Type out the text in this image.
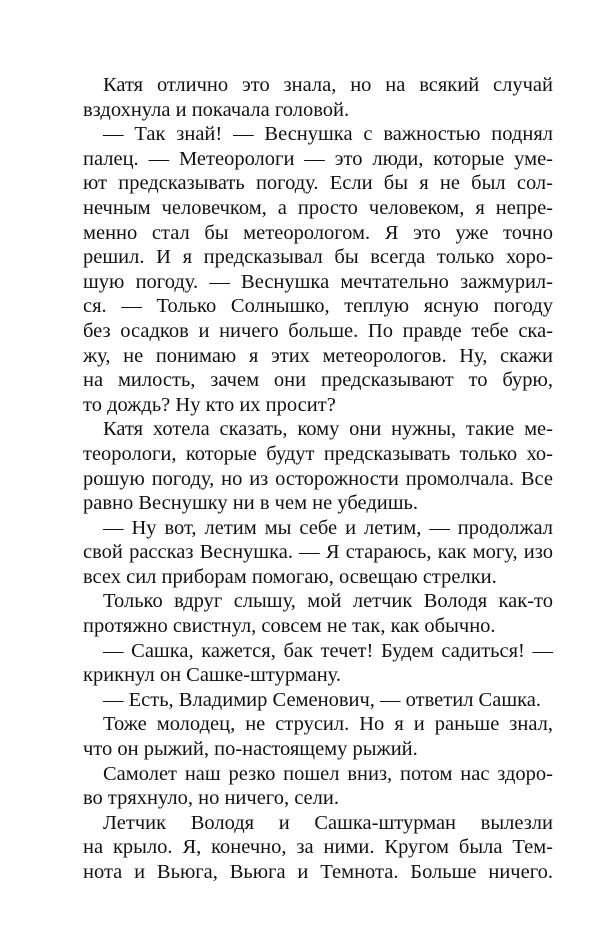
Катя отлично это знала, но на всякий случай
вздохнула и покачала головой.

— Так знай! — Веснушка с важностью поднял
палец. — Метеорологи — это люди, которые уме-
ют предсказывать погоду. Если бы я не был сол-
нечным человечком, а просто человеком, я непре-
менно стал бы метеорологом. Я это уже точно
решил. И я предсказывал бы всегда только хоро-
шую погоду. — Веснушка мечтательно зажмурил-
ся. — Только Солнышко, теплую ясную погоду
без осадков и ничего больше. По правде тебе ска-
жу, не понимаю я этих метеорологов. Ну, скажи
на милость, зачем они предсказывают то бурю,
то дождь? Ну кто их просит?

Катя хотела сказать, кому они нужны, такие ме-
теорологи, которые будут предсказывать только хо-
рошую погоду, но из осторожности промолчала. Все
равно Веснушку ни в чем не убедишь.

— Ну вот, летим мы себе и летим, — продолжал
свой рассказ Веснушка. — Я стараюсь, как могу, изо
всех сил приборам помогаю, освещаю стрелки.

Только вдруг слышу, мой летчик Володя как-то
протяжно свистнул, совсем не так, как обычно.

— Сашка, кажется, бак течет! Будем садиться! —
крикнул он Сашке-штурману.

— Есть, Владимир Семенович, — ответил Сашка.

Тоже молодец, не струсил. Но я и раньше знал,
что он рыжий, по-настоящему рыжий.

Самолет наш резко пошел вниз, потом нас здоро-
во тряхнуло, но ничего, сели.

Летчик Володя и Сашка-штурман вылезли
на крыло. Я, конечно, за ними. Кругом была Тем-
нота и Вьюга, Вьюга и Темнота. Больше ничего.
